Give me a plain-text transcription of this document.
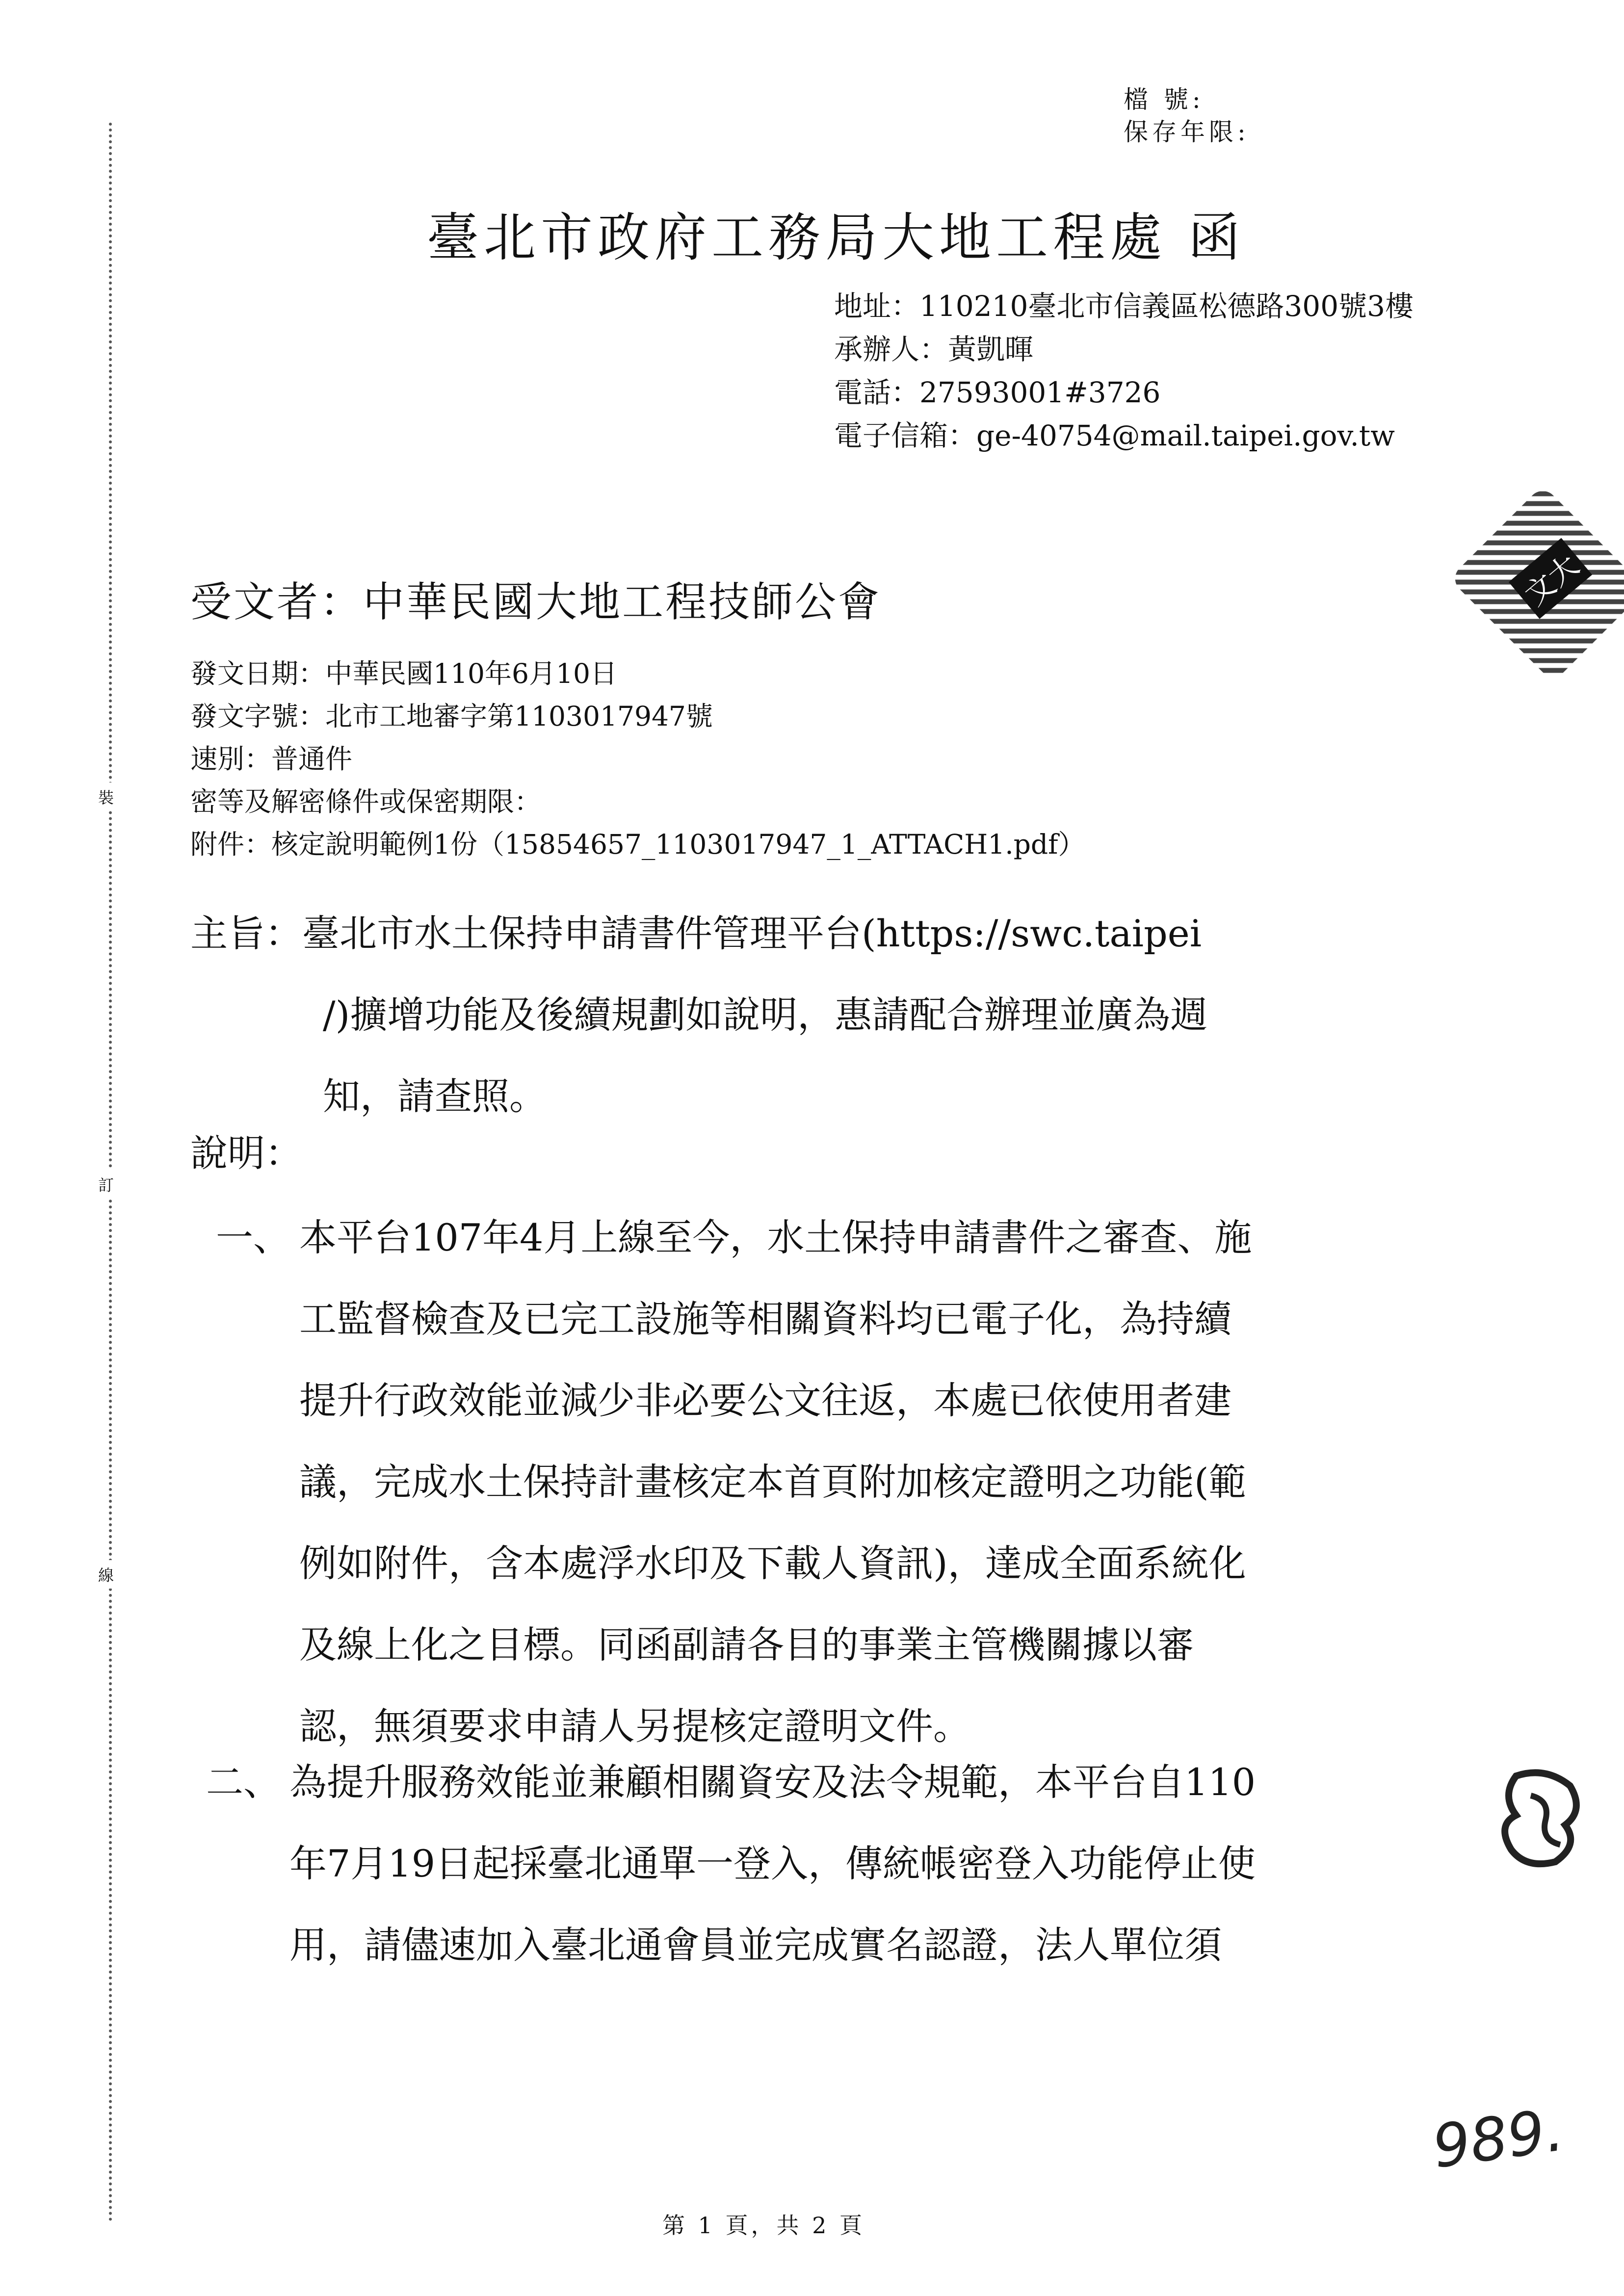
裝
訂
線
檔 號:
保存年限:
臺北市政府工務局大地工程處 函
地址：110210臺北市信義區松德路300號3樓
承辦人：黃凱暉
電話：27593001#3726
電子信箱：ge-40754@mail.taipei.gov.tw
文大
受文者：中華民國大地工程技師公會
發文日期：中華民國110年6月10日
發文字號：北市工地審字第1103017947號
速別：普通件
密等及解密條件或保密期限：
附件：核定說明範例1份（15854657_1103017947_1_ATTACH1.pdf）
主旨：臺北市水土保持申請書件管理平台(https://swc.taipei
/)擴增功能及後續規劃如說明，惠請配合辦理並廣為週
知，請查照。
說明：
一、 本平台107年4月上線至今，水土保持申請書件之審查、施
工監督檢查及已完工設施等相關資料均已電子化，為持續
提升行政效能並減少非必要公文往返，本處已依使用者建
議，完成水土保持計畫核定本首頁附加核定證明之功能(範
例如附件，含本處浮水印及下載人資訊)，達成全面系統化
及線上化之目標。同函副請各目的事業主管機關據以審
認，無須要求申請人另提核定證明文件。
二、 為提升服務效能並兼顧相關資安及法令規範，本平台自110
年7月19日起採臺北通單一登入，傳統帳密登入功能停止使
用，請儘速加入臺北通會員並完成實名認證，法人單位須
989.
第 1 頁，共 2 頁
